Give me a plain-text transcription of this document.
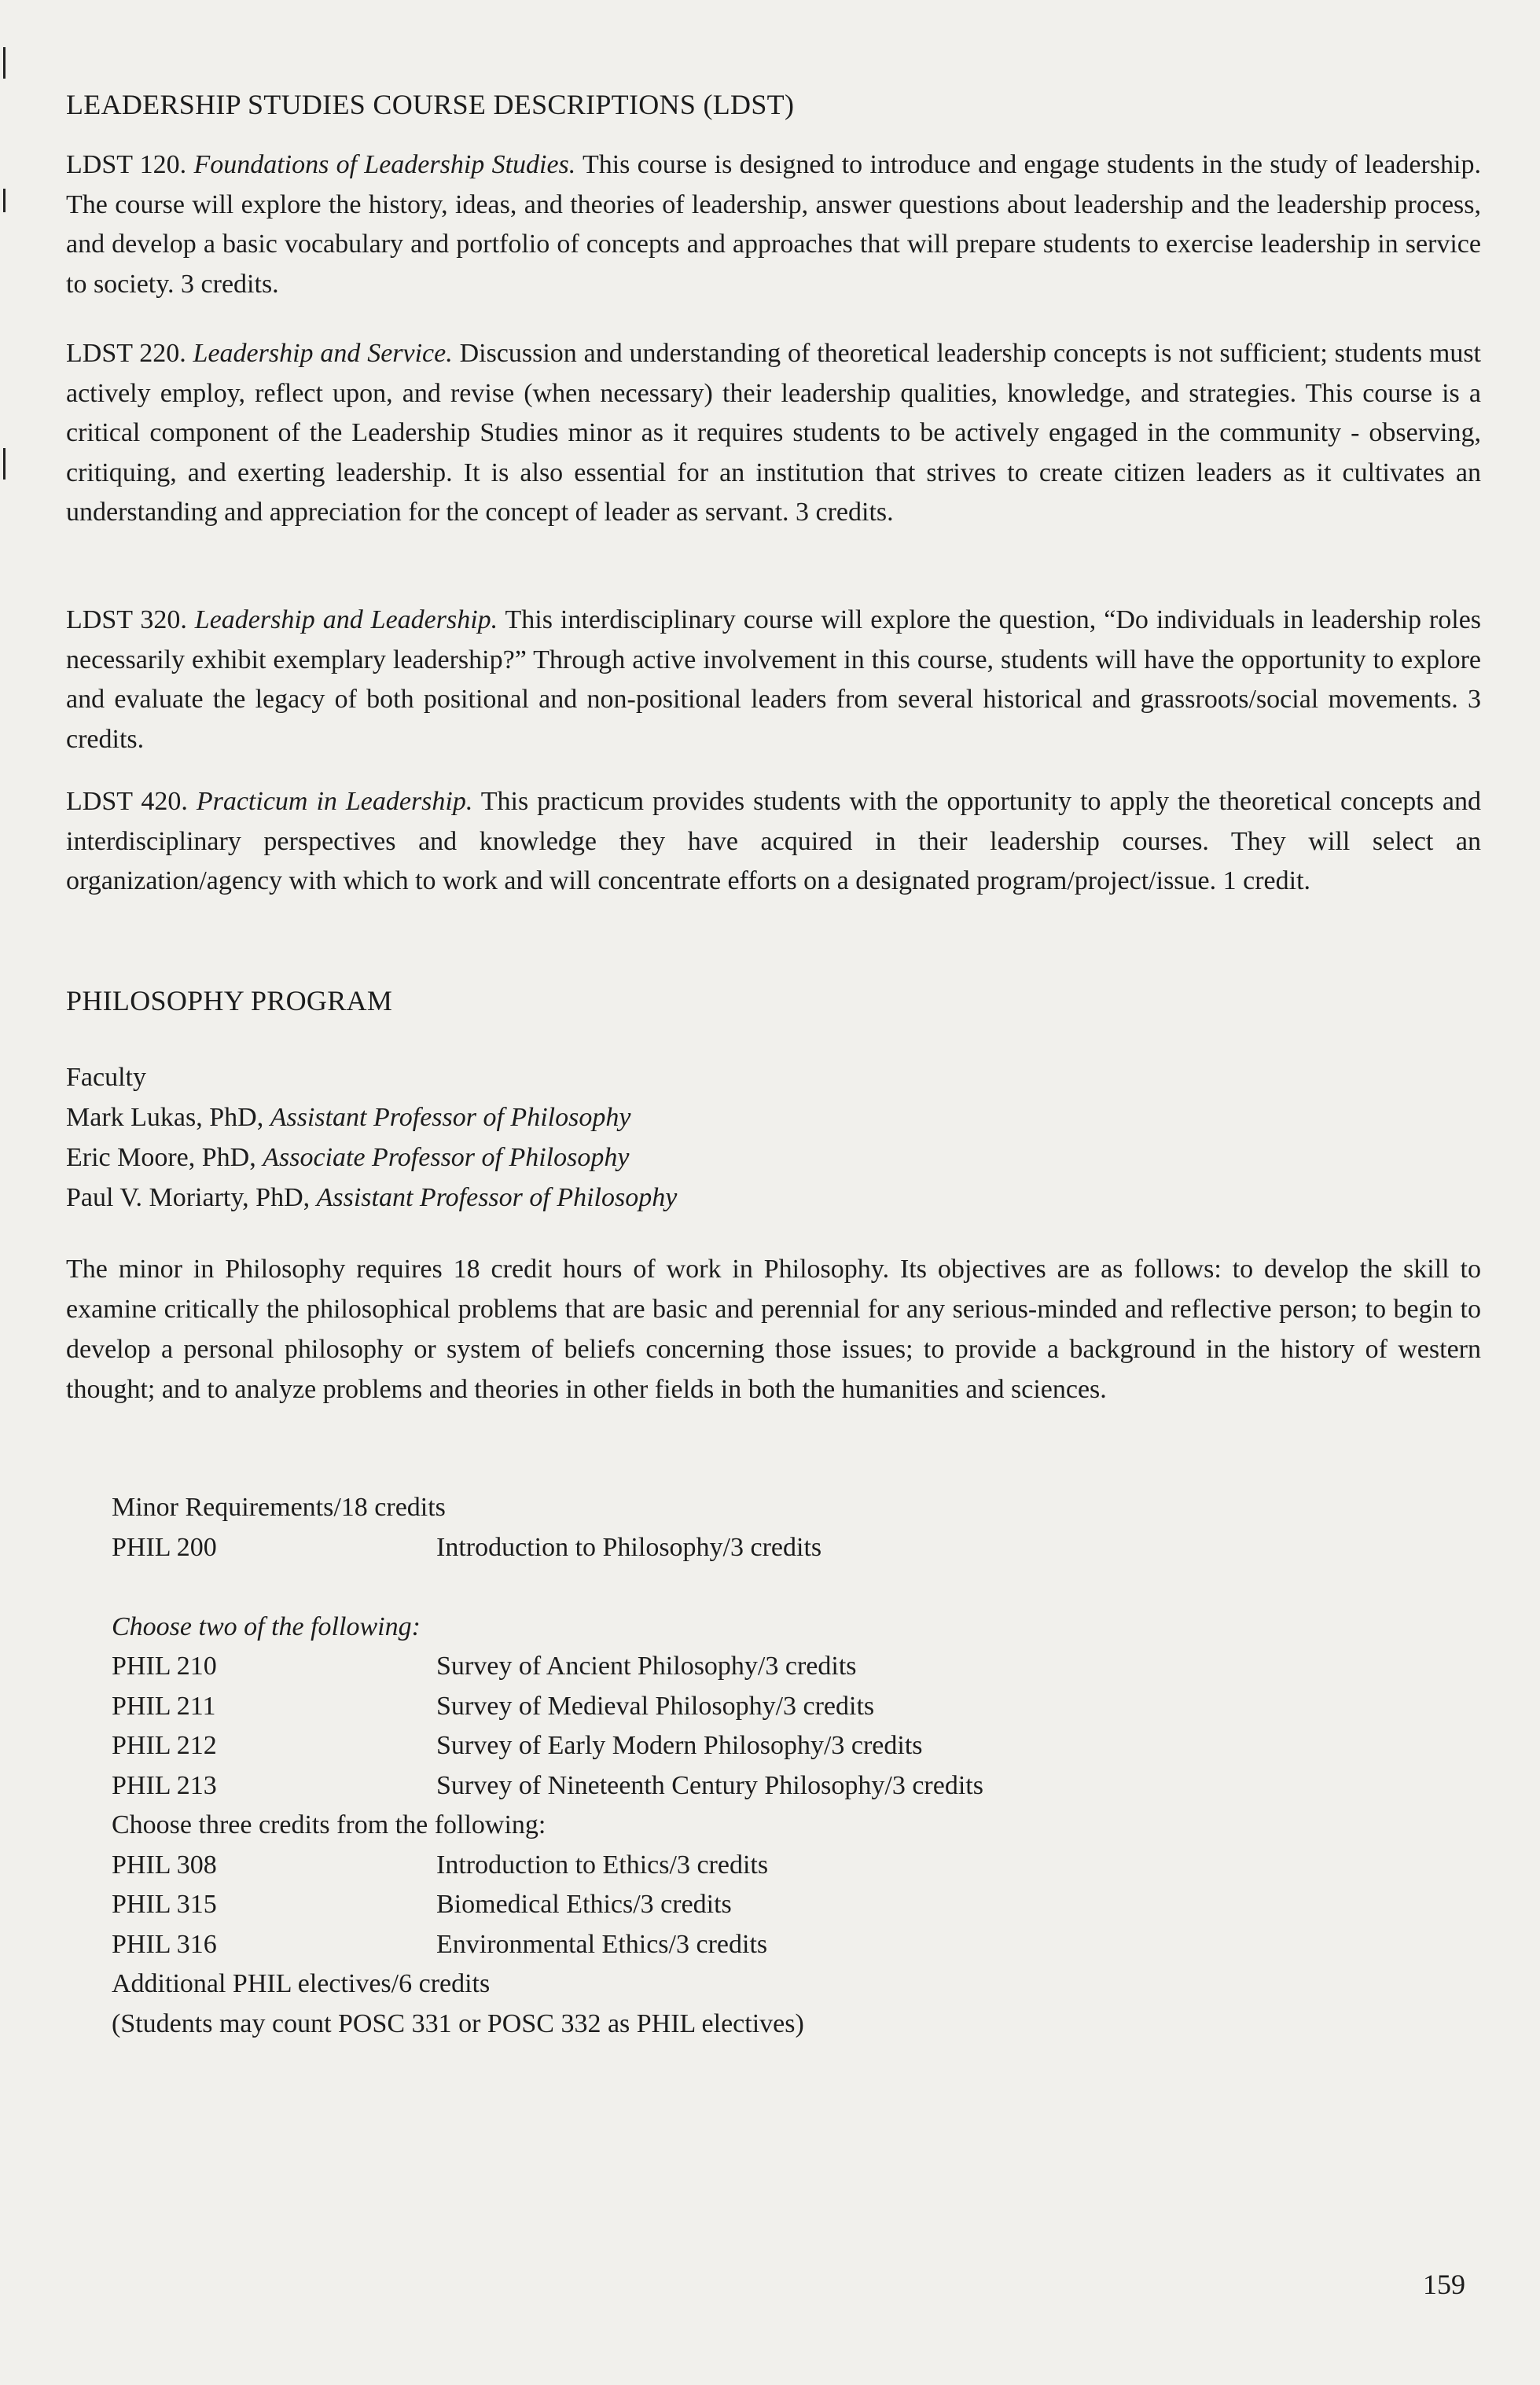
LEADERSHIP STUDIES COURSE DESCRIPTIONS (LDST)
LDST 120. Foundations of Leadership Studies. This course is designed to introduce and engage students in the study of leadership. The course will explore the history, ideas, and theories of leadership, answer questions about leadership and the leadership process, and develop a basic vocabulary and portfolio of concepts and approaches that will prepare students to exercise leadership in service to society. 3 credits.
LDST 220. Leadership and Service. Discussion and understanding of theoretical leadership concepts is not sufficient; students must actively employ, reflect upon, and revise (when necessary) their leadership qualities, knowledge, and strategies. This course is a critical component of the Leadership Studies minor as it requires students to be actively engaged in the community - observing, critiquing, and exerting leadership. It is also essential for an institution that strives to create citizen leaders as it cultivates an understanding and appreciation for the concept of leader as servant. 3 credits.
LDST 320. Leadership and Leadership. This interdisciplinary course will explore the question, “Do individuals in leadership roles necessarily exhibit exemplary leadership?” Through active involvement in this course, students will have the opportunity to explore and evaluate the legacy of both positional and non-positional leaders from several historical and grassroots/social movements. 3 credits.
LDST 420. Practicum in Leadership. This practicum provides students with the opportunity to apply the theoretical concepts and interdisciplinary perspectives and knowledge they have acquired in their leadership courses. They will select an organization/agency with which to work and will concentrate efforts on a designated program/project/issue. 1 credit.
PHILOSOPHY PROGRAM
Faculty
Mark Lukas, PhD, Assistant Professor of Philosophy
Eric Moore, PhD, Associate Professor of Philosophy
Paul V. Moriarty, PhD, Assistant Professor of Philosophy
The minor in Philosophy requires 18 credit hours of work in Philosophy. Its objectives are as follows: to develop the skill to examine critically the philosophical problems that are basic and perennial for any serious-minded and reflective person; to begin to develop a personal philosophy or system of beliefs concerning those issues; to provide a background in the history of western thought; and to analyze problems and theories in other fields in both the humanities and sciences.
Minor Requirements/18 credits
PHIL 200	Introduction to Philosophy/3 credits
Choose two of the following:
PHIL 210	Survey of Ancient Philosophy/3 credits
PHIL 211	Survey of Medieval Philosophy/3 credits
PHIL 212	Survey of Early Modern Philosophy/3 credits
PHIL 213	Survey of Nineteenth Century Philosophy/3 credits
Choose three credits from the following:
PHIL 308	Introduction to Ethics/3 credits
PHIL 315	Biomedical Ethics/3 credits
PHIL 316	Environmental Ethics/3 credits
Additional PHIL electives/6 credits
(Students may count POSC 331 or POSC 332 as PHIL electives)
159
